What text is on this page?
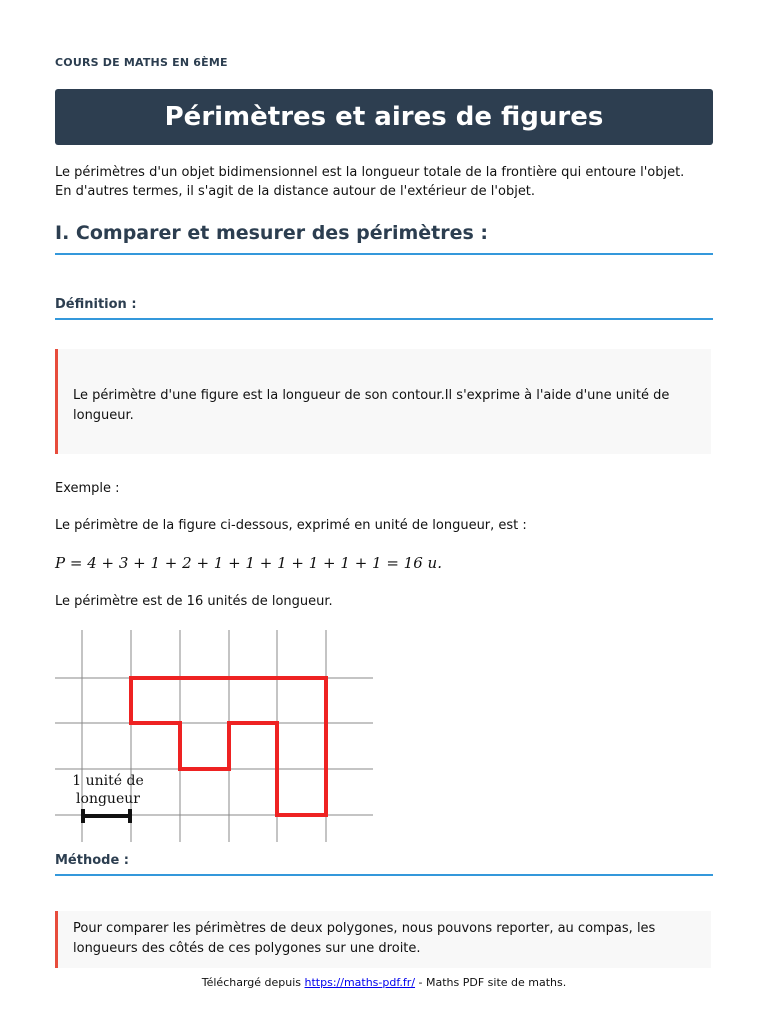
COURS DE MATHS EN 6ÈME
Périmètres et aires de figures

Le périmètres d'un objet bidimensionnel est la longueur totale de la frontière qui entoure l'objet.
En d'autres termes, il s'agit de la distance autour de l'extérieur de l'objet.

I. Comparer et mesurer des périmètres :
Définition :
Le périmètre d'une figure est la longueur de son contour.Il s'exprime à l'aide d'une unité de longueur.

Exemple :

Le périmètre de la figure ci-dessous, exprimé en unité de longueur, est :

P = 4 + 3 + 1 + 2 + 1 + 1 + 1 + 1 + 1 + 1 = 16 u.

Le périmètre est de 16 unités de longueur.

1 unité de
longueur
Méthode :
Pour comparer les périmètres de deux polygones, nous pouvons reporter, au compas, les longueurs des côtés de ces polygones sur une droite.
Téléchargé depuis https://maths-pdf.fr/ - Maths PDF site de maths.
